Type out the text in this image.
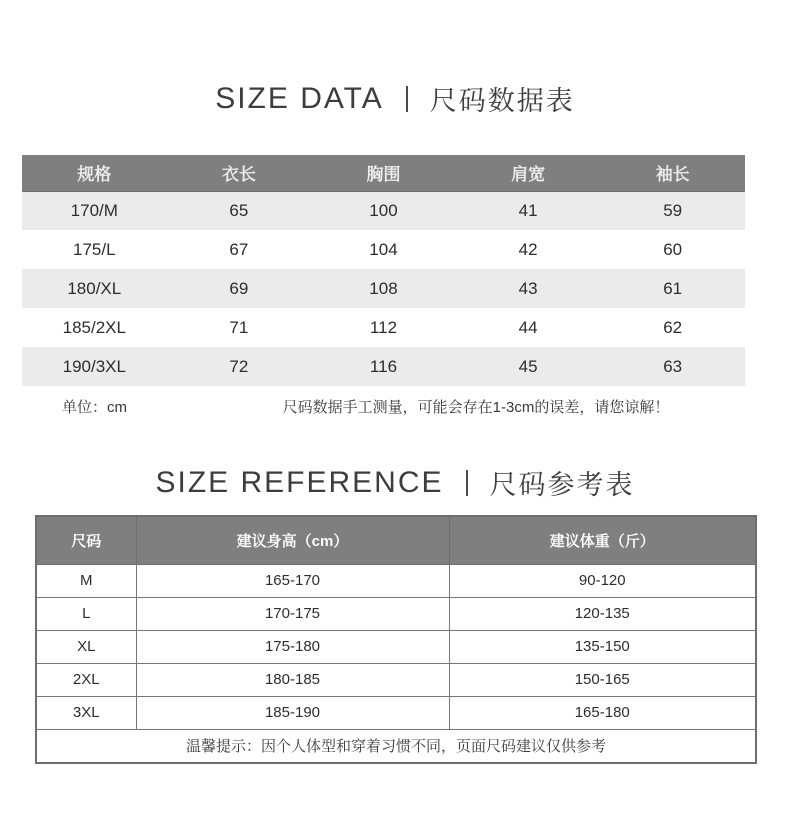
SIZE DATA 尺码数据表
规格	衣长	胸围	肩宽	袖长
170/M	65	100	41	59
175/L	67	104	42	60
180/XL	69	108	43	61
185/2XL	71	112	44	62
190/3XL	72	116	45	63
单位：cm	尺码数据手工测量，可能会存在1-3cm的误差，请您谅解！
SIZE REFERENCE 尺码参考表
尺码	建议身高（cm）	建议体重（斤）
M	165-170	90-120
L	170-175	120-135
XL	175-180	135-150
2XL	180-185	150-165
3XL	185-190	165-180
温馨提示：因个人体型和穿着习惯不同，页面尺码建议仅供参考		
